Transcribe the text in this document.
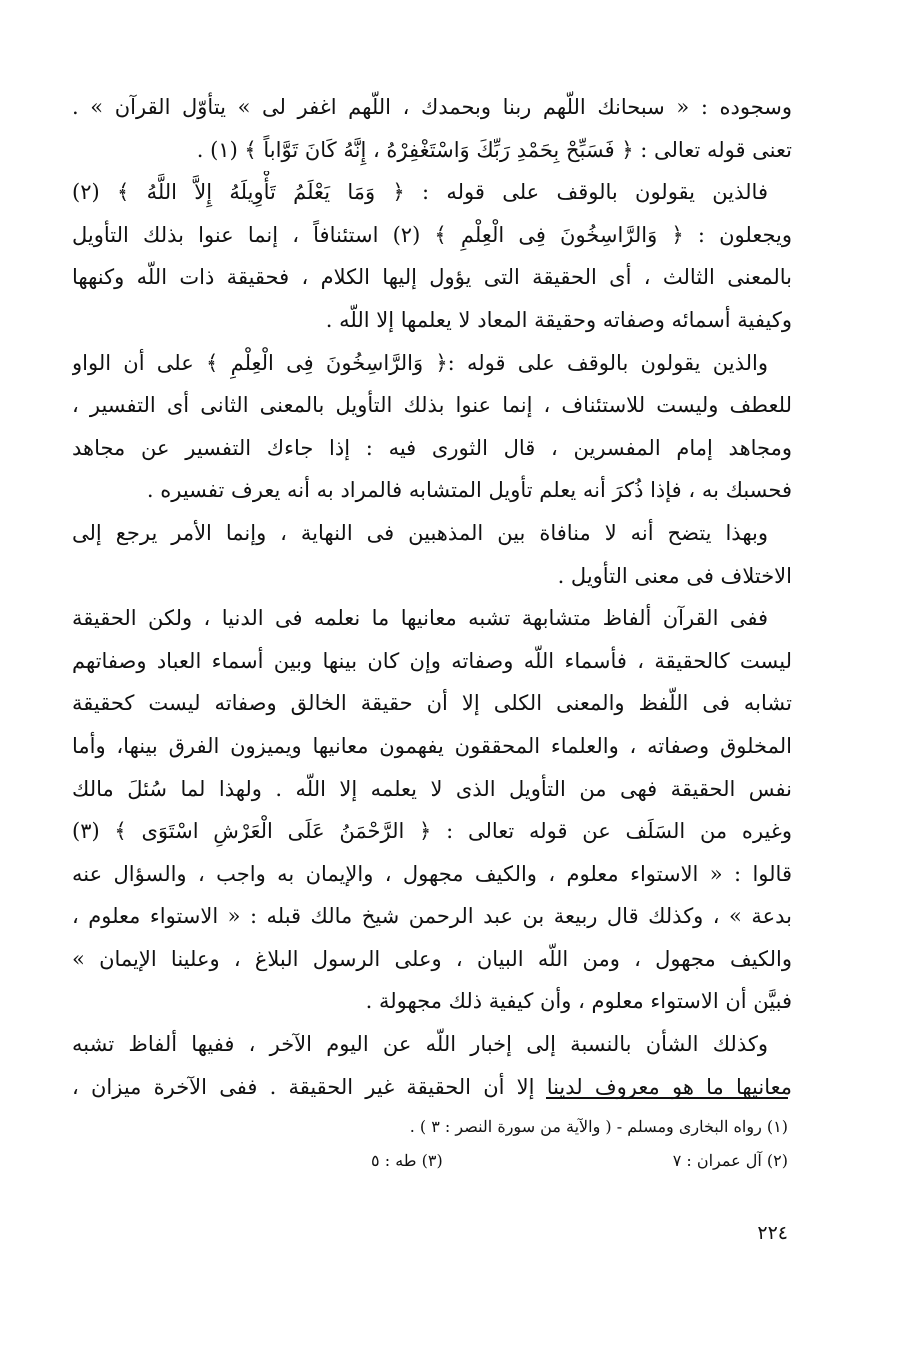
وسجوده : « سبحانك اللّهم ربنا وبحمدك ، اللّهم اغفر لى » يتأوّل القرآن » .
تعنى قوله تعالى : ﴿ فَسَبِّحْ بِحَمْدِ رَبِّكَ وَاسْتَغْفِرْهُ ، إِنَّهُ كَانَ تَوَّاباً ﴾ (١) .
فالذين يقولون بالوقف على قوله : ﴿ وَمَا يَعْلَمُ تَأْوِيلَهُ إِلاَّ اللَّهُ ﴾ (٢)
ويجعلون : ﴿ وَالرَّاسِخُونَ فِى الْعِلْمِ ﴾ (٢) استئنافاً ، إنما عنوا بذلك التأويل
بالمعنى الثالث ، أى الحقيقة التى يؤول إليها الكلام ، فحقيقة ذات اللّه وكنهها
وكيفية أسمائه وصفاته وحقيقة المعاد لا يعلمها إلا اللّه .
والذين يقولون بالوقف على قوله :﴿ وَالرَّاسِخُونَ فِى الْعِلْمِ ﴾ على أن الواو
للعطف وليست للاستئناف ، إنما عنوا بذلك التأويل بالمعنى الثانى أى التفسير ،
ومجاهد إمام المفسرين ، قال الثورى فيه : إذا جاءك التفسير عن مجاهد
فحسبك به ، فإذا ذُكرَ أنه يعلم تأويل المتشابه فالمراد به أنه يعرف تفسيره .
وبهذا يتضح أنه لا منافاة بين المذهبين فى النهاية ، وإنما الأمر يرجع إلى
الاختلاف فى معنى التأويل .
ففى القرآن ألفاظ متشابهة تشبه معانيها ما نعلمه فى الدنيا ، ولكن الحقيقة
ليست كالحقيقة ، فأسماء اللّه وصفاته وإن كان بينها وبين أسماء العباد وصفاتهم
تشابه فى اللّفظ والمعنى الكلى إلا أن حقيقة الخالق وصفاته ليست كحقيقة
المخلوق وصفاته ، والعلماء المحققون يفهمون معانيها ويميزون الفرق بينها، وأما
نفس الحقيقة فهى من التأويل الذى لا يعلمه إلا اللّه . ولهذا لما سُئلَ مالك
وغيره من السَلَف عن قوله تعالى : ﴿ الرَّحْمَنُ عَلَى الْعَرْشِ اسْتَوَى ﴾ (٣)
قالوا : « الاستواء معلوم ، والكيف مجهول ، والإيمان به واجب ، والسؤال عنه
بدعة » ، وكذلك قال ربيعة بن عبد الرحمن شيخ مالك قبله : « الاستواء معلوم ،
والكيف مجهول ، ومن اللّه البيان ، وعلى الرسول البلاغ ، وعلينا الإيمان »
فبيَّن أن الاستواء معلوم ، وأن كيفية ذلك مجهولة .
وكذلك الشأن بالنسبة إلى إخبار اللّه عن اليوم الآخر ، ففيها ألفاظ تشبه
معانيها ما هو معروف لدينا إلا أن الحقيقة غير الحقيقة . ففى الآخرة ميزان ،
(١) رواه البخارى ومسلم - ( والآية من سورة النصر : ٣ ) .
(٢) آل عمران : ٧
(٣) طه : ٥
٢٢٤
